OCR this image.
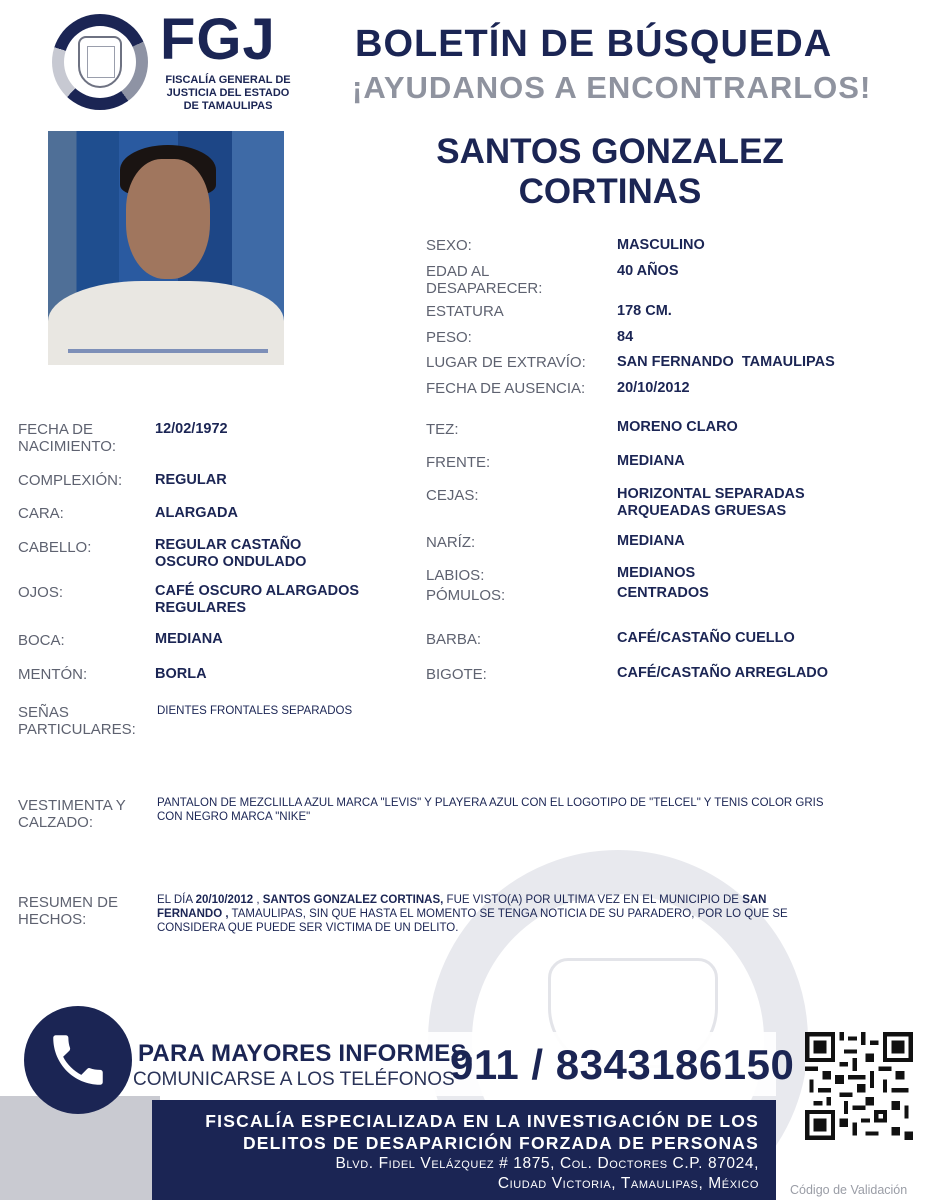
FGJ
FISCALÍA GENERAL DE
JUSTICIA DEL ESTADO
DE TAMAULIPAS
BOLETÍN DE BÚSQUEDA
¡AYUDANOS A ENCONTRARLOS!
SANTOS GONZALEZ
CORTINAS
SEXO:	MASCULINO
EDAD AL
DESAPARECER:
40 AÑOS
ESTATURA	178 CM.
PESO:	84
LUGAR DE EXTRAVÍO: SAN FERNANDO  TAMAULIPAS
FECHA DE AUSENCIA: 20/10/2012
FECHA DE
NACIMIENTO:
12/02/1972
COMPLEXIÓN: REGULAR
CARA:	ALARGADA
CABELLO:	REGULAR CASTAÑO
OSCURO ONDULADO
OJOS:	CAFÉ OSCURO ALARGADOS
REGULARES
BOCA:	MEDIANA
MENTÓN:	BORLA
SEÑAS
PARTICULARES:
DIENTES FRONTALES SEPARADOS
TEZ:	MORENO CLARO
FRENTE:	MEDIANA
CEJAS:	HORIZONTAL SEPARADAS
ARQUEADAS GRUESAS
NARÍZ:	MEDIANA
LABIOS:	MEDIANOS
PÓMULOS:	CENTRADOS
BARBA:	CAFÉ/CASTAÑO CUELLO
BIGOTE:	CAFÉ/CASTAÑO ARREGLADO
VESTIMENTA Y
CALZADO:
PANTALON DE MEZCLILLA AZUL MARCA "LEVIS" Y PLAYERA AZUL CON EL LOGOTIPO DE "TELCEL" Y TENIS COLOR GRIS
CON NEGRO MARCA "NIKE"
RESUMEN DE
HECHOS:
EL DÍA 20/10/2012 , SANTOS GONZALEZ CORTINAS, FUE VISTO(A) POR ULTIMA VEZ EN EL MUNICIPIO DE SAN
FERNANDO , TAMAULIPAS, SIN QUE HASTA EL MOMENTO SE TENGA NOTICIA DE SU PARADERO, POR LO QUE SE
CONSIDERA QUE PUEDE SER VICTIMA DE UN DELITO.
PARA MAYORES INFORMES,
COMUNICARSE A LOS TELÉFONOS
911 / 8343186150
FISCALÍA ESPECIALIZADA EN LA INVESTIGACIÓN DE LOS
DELITOS DE DESAPARICIÓN FORZADA DE PERSONAS
Blvd. Fidel Velázquez # 1875, Col. Doctores C.P. 87024,
Ciudad Victoria, Tamaulipas, México Código de Validación
